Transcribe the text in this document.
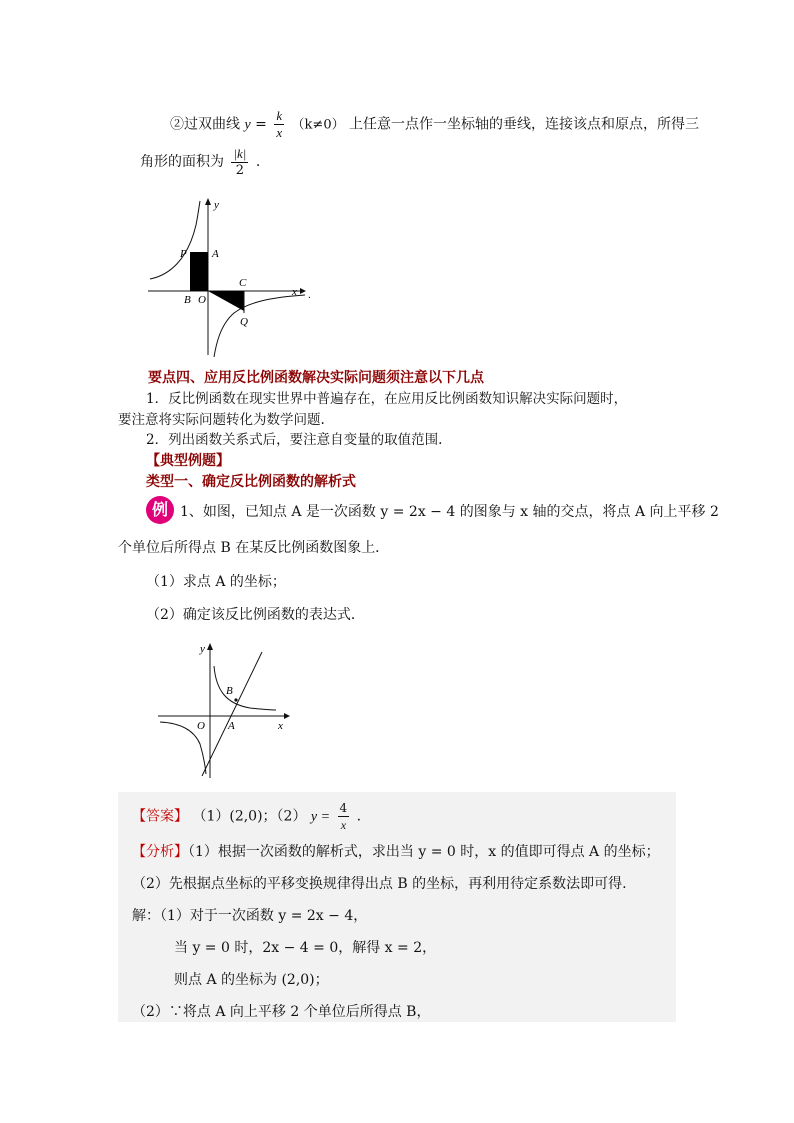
②过双曲线 $y = \frac{k}{x} (k\ne 0)$ 上任意一点作一坐标轴的垂线，连接该点和原点，所得三
角形的面积为 $\frac{|k|}{2}$ .
y
x
P A
B O
C
Q
.
要点四、应用反比例函数解决实际问题须注意以下几点
1．反比例函数在现实世界中普遍存在，在应用反比例函数知识解决实际问题时，
要注意将实际问题转化为数学问题.
2．列出函数关系式后，要注意自变量的取值范围.
【典型例题】
类型一、确定反比例函数的解析式
例 1、如图，已知点 A 是一次函数 y = 2x − 4 的图象与 x 轴的交点，将点 A 向上平移 2
个单位后所得点 B 在某反比例函数图象上．
（1）求点 A 的坐标；
（2）确定该反比例函数的表达式．
y
x
B
O A
【答案】 （1）(2,0)；（2） $y = \frac{4}{x}$ .
【分析】（1）根据一次函数的解析式，求出当 y = 0 时，x 的值即可得点 A 的坐标；
（2）先根据点坐标的平移变换规律得出点 B 的坐标，再利用待定系数法即可得.
解：（1）对于一次函数 y = 2x − 4，
当 y = 0 时，2x − 4 = 0，解得 x = 2，
则点 A 的坐标为 (2,0)；
（2）∵将点 A 向上平移 2 个单位后所得点 B，
